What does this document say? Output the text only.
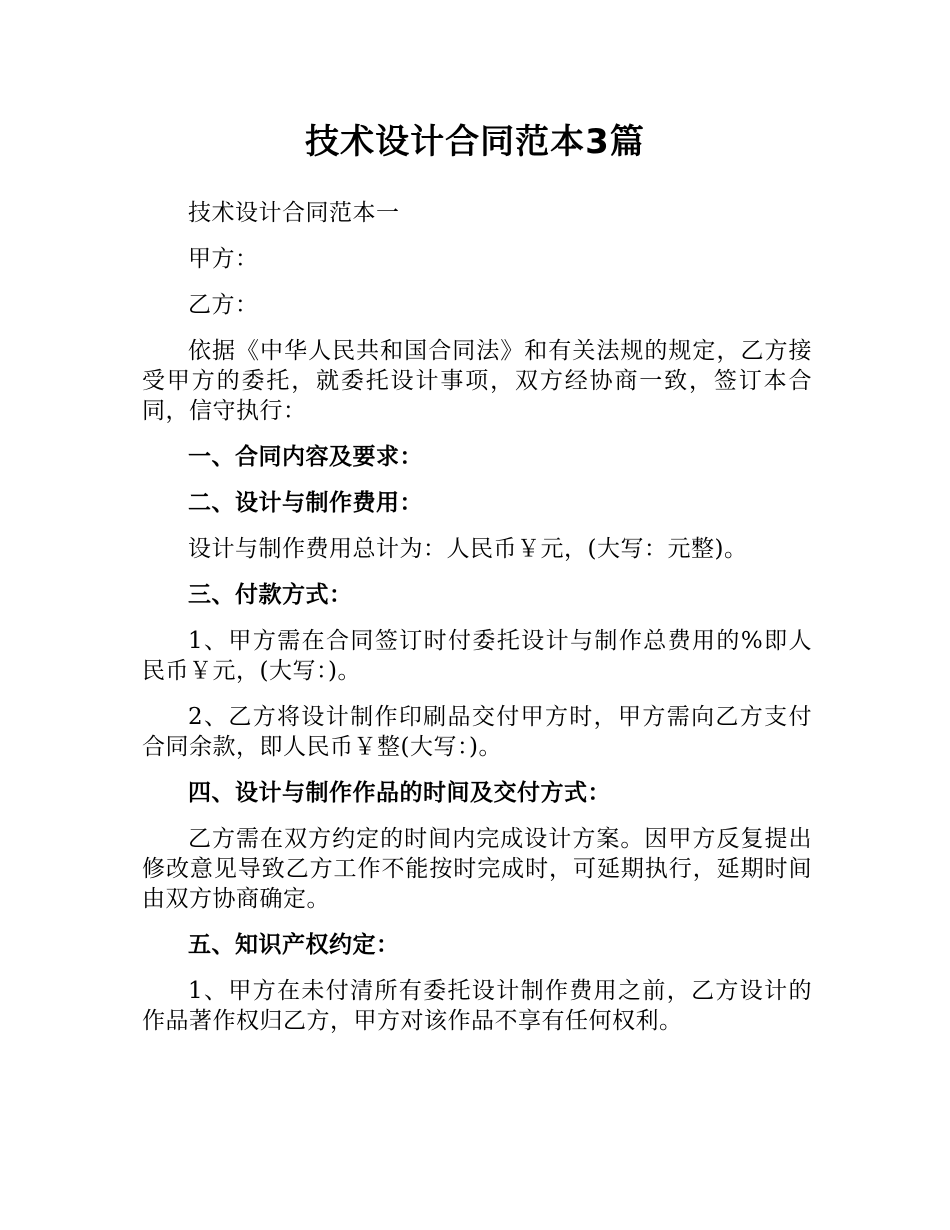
技术设计合同范本3篇

技术设计合同范本一

甲方：

乙方：

依据《中华人民共和国合同法》和有关法规的规定，乙方接受甲方的委托，就委托设计事项，双方经协商一致，签订本合同，信守执行：

一、合同内容及要求：

二、设计与制作费用：

设计与制作费用总计为：人民币￥元，(大写：元整)。

三、付款方式：

1、甲方需在合同签订时付委托设计与制作总费用的%即人民币￥元，(大写：)。

2、乙方将设计制作印刷品交付甲方时，甲方需向乙方支付合同余款，即人民币￥整(大写：)。

四、设计与制作作品的时间及交付方式：

乙方需在双方约定的时间内完成设计方案。因甲方反复提出修改意见导致乙方工作不能按时完成时，可延期执行，延期时间由双方协商确定。

五、知识产权约定：

1、甲方在未付清所有委托设计制作费用之前，乙方设计的作品著作权归乙方，甲方对该作品不享有任何权利。
